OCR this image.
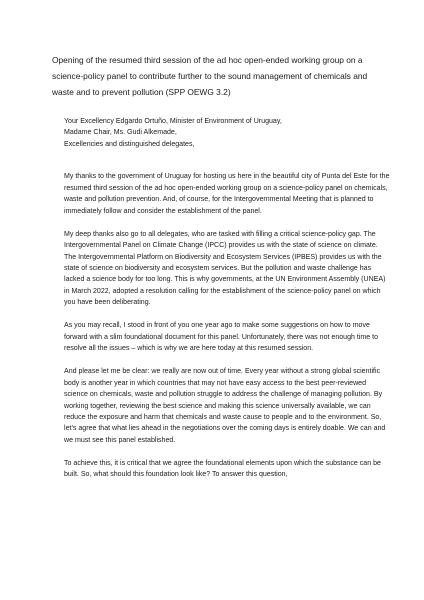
Opening of the resumed third session of the ad hoc open-ended working group on a science-policy panel to contribute further to the sound management of chemicals and waste and to prevent pollution (SPP OEWG 3.2)
Your Excellency Edgardo Ortuño, Minister of Environment of Uruguay,
Madame Chair, Ms. Gudi Alkemade,
Excellencies and distinguished delegates,

My thanks to the government of Uruguay for hosting us here in the beautiful city of Punta del Este for the resumed third session of the ad hoc open-ended working group on a science-policy panel on chemicals, waste and pollution prevention. And, of course, for the Intergovernmental Meeting that is planned to immediately follow and consider the establishment of the panel.

My deep thanks also go to all delegates, who are tasked with filling a critical science-policy gap. The Intergovernmental Panel on Climate Change (IPCC) provides us with the state of science on climate. The Intergovernmental Platform on Biodiversity and Ecosystem Services (IPBES) provides us with the state of science on biodiversity and ecosystem services. But the pollution and waste challenge has lacked a science body for too long. This is why governments, at the UN Environment Assembly (UNEA) in March 2022, adopted a resolution calling for the establishment of the science-policy panel on which you have been deliberating.

As you may recall, I stood in front of you one year ago to make some suggestions on how to move forward with a slim foundational document for this panel. Unfortunately, there was not enough time to resolve all the issues – which is why we are here today at this resumed session.

And please let me be clear: we really are now out of time. Every year without a strong global scientific body is another year in which countries that may not have easy access to the best peer-reviewed science on chemicals, waste and pollution struggle to address the challenge of managing pollution. By working together, reviewing the best science and making this science universally available, we can reduce the exposure and harm that chemicals and waste cause to people and to the environment. So, let’s agree that what lies ahead in the negotiations over the coming days is entirely doable. We can and we must see this panel established.

To achieve this, it is critical that we agree the foundational elements upon which the substance can be built. So, what should this foundation look like? To answer this question,
